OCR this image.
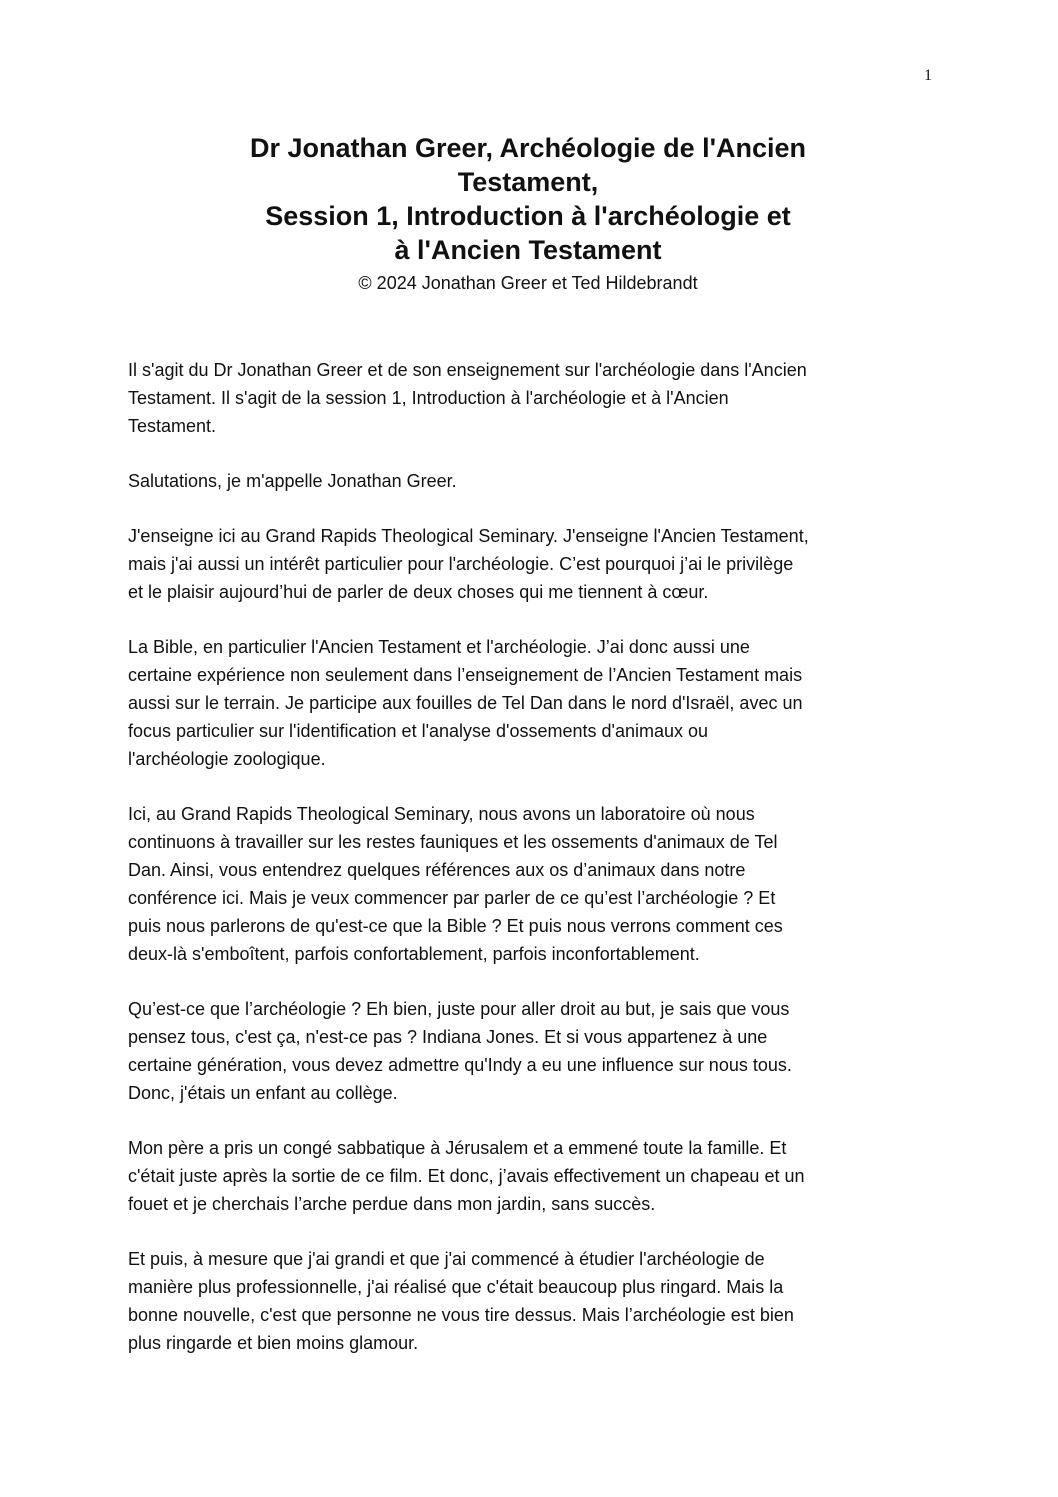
1
Dr Jonathan Greer, Archéologie de l'Ancien
Testament,
Session 1, Introduction à l'archéologie et
à l'Ancien Testament
© 2024 Jonathan Greer et Ted Hildebrandt
Il s'agit du Dr Jonathan Greer et de son enseignement sur l'archéologie dans l'Ancien
Testament. Il s'agit de la session 1, Introduction à l'archéologie et à l'Ancien
Testament.
Salutations, je m'appelle Jonathan Greer.
J'enseigne ici au Grand Rapids Theological Seminary. J'enseigne l'Ancien Testament,
mais j'ai aussi un intérêt particulier pour l'archéologie. C’est pourquoi j’ai le privilège
et le plaisir aujourd’hui de parler de deux choses qui me tiennent à cœur.
La Bible, en particulier l'Ancien Testament et l'archéologie. J’ai donc aussi une
certaine expérience non seulement dans l’enseignement de l’Ancien Testament mais
aussi sur le terrain. Je participe aux fouilles de Tel Dan dans le nord d'Israël, avec un
focus particulier sur l'identification et l'analyse d'ossements d'animaux ou
l'archéologie zoologique.
Ici, au Grand Rapids Theological Seminary, nous avons un laboratoire où nous
continuons à travailler sur les restes fauniques et les ossements d'animaux de Tel
Dan. Ainsi, vous entendrez quelques références aux os d’animaux dans notre
conférence ici. Mais je veux commencer par parler de ce qu’est l’archéologie ? Et
puis nous parlerons de qu'est-ce que la Bible ? Et puis nous verrons comment ces
deux-là s'emboîtent, parfois confortablement, parfois inconfortablement.
Qu’est-ce que l’archéologie ? Eh bien, juste pour aller droit au but, je sais que vous
pensez tous, c'est ça, n'est-ce pas ? Indiana Jones. Et si vous appartenez à une
certaine génération, vous devez admettre qu'Indy a eu une influence sur nous tous.
Donc, j'étais un enfant au collège.
Mon père a pris un congé sabbatique à Jérusalem et a emmené toute la famille. Et
c'était juste après la sortie de ce film. Et donc, j’avais effectivement un chapeau et un
fouet et je cherchais l’arche perdue dans mon jardin, sans succès.
Et puis, à mesure que j'ai grandi et que j'ai commencé à étudier l'archéologie de
manière plus professionnelle, j'ai réalisé que c'était beaucoup plus ringard. Mais la
bonne nouvelle, c'est que personne ne vous tire dessus. Mais l’archéologie est bien
plus ringarde et bien moins glamour.
